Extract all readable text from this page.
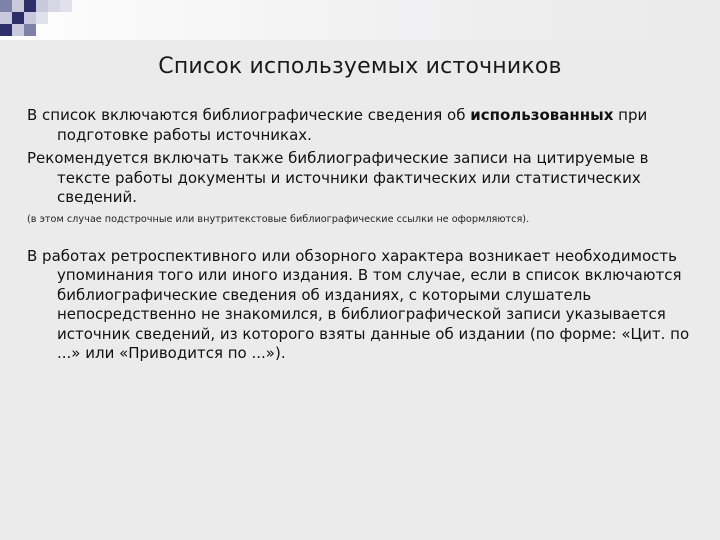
Список используемых источников

В список включаются библиографические сведения об использованных при подготовке работы источниках.

Рекомендуется включать также библиографические записи на цитируемые в тексте работы документы и источники фактических или статистических сведений.

(в этом случае подстрочные или внутритекстовые библиографические ссылки не оформляются).

В работах ретроспективного или обзорного характера возникает необходимость упоминания того или иного издания. В том случае, если в список включаются библиографические сведения об изданиях, с которыми слушатель непосредственно не знакомился, в библиографической записи указывается источник сведений, из которого взяты данные об издании (по форме: «Цит. по ...» или «Приводится по ...»).
